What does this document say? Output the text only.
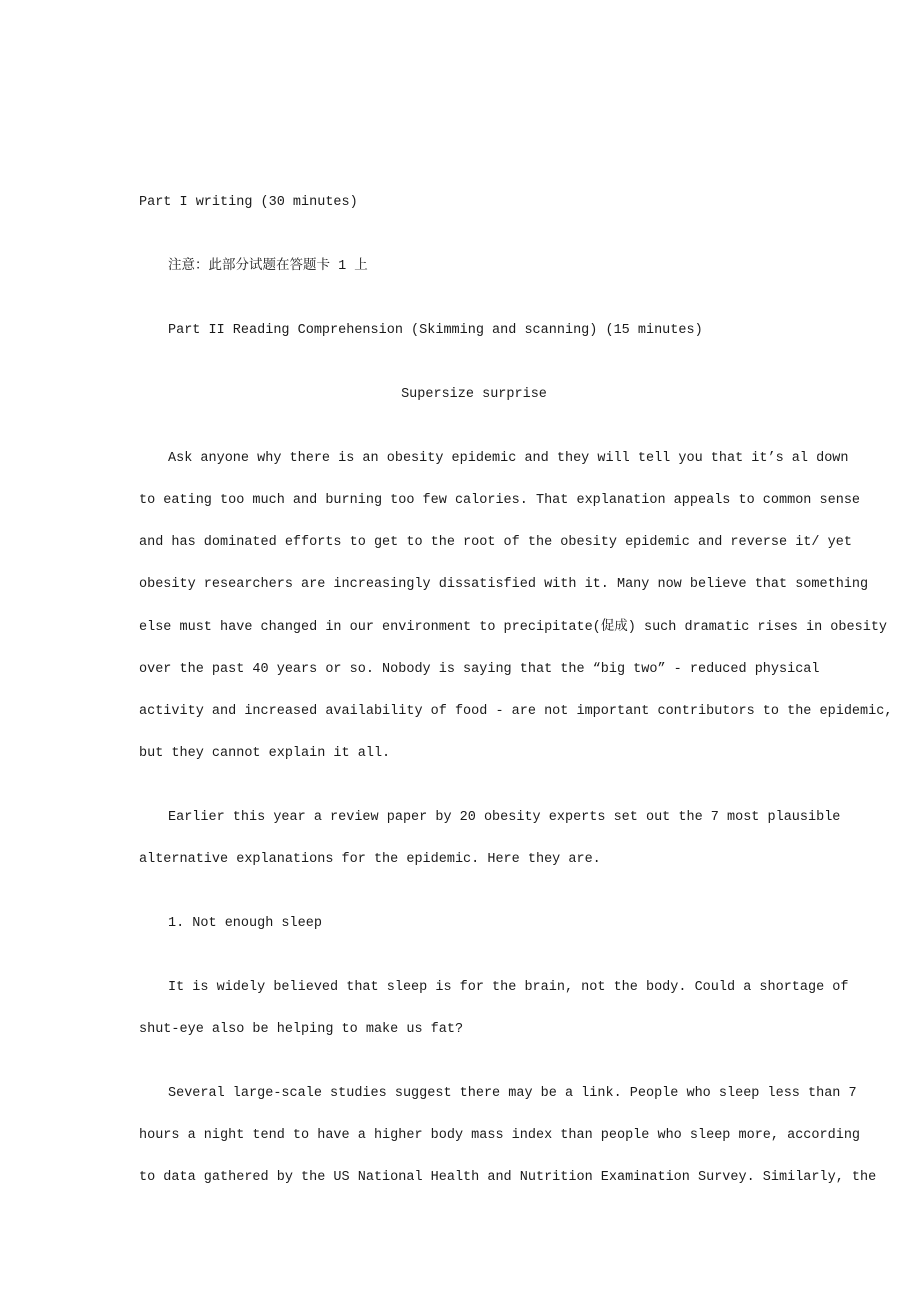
Part I writing (30 minutes)
注意：此部分试题在答题卡 1 上
Part II Reading Comprehension (Skimming and scanning) (15 minutes)
Supersize surprise
Ask anyone why there is an obesity epidemic and they will tell you that it’s al down
to eating too much and burning too few calories. That explanation appeals to common sense
and has dominated efforts to get to the root of the obesity epidemic and reverse it/ yet
obesity researchers are increasingly dissatisfied with it. Many now believe that something
else must have changed in our environment to precipitate(促成) such dramatic rises in obesity
over the past 40 years or so. Nobody is saying that the “big two” - reduced physical
activity and increased availability of food - are not important contributors to the epidemic,
but they cannot explain it all.
Earlier this year a review paper by 20 obesity experts set out the 7 most plausible
alternative explanations for the epidemic. Here they are.
1. Not enough sleep
It is widely believed that sleep is for the brain, not the body. Could a shortage of
shut-eye also be helping to make us fat?
Several large-scale studies suggest there may be a link. People who sleep less than 7
hours a night tend to have a higher body mass index than people who sleep more, according
to data gathered by the US National Health and Nutrition Examination Survey. Similarly, the
